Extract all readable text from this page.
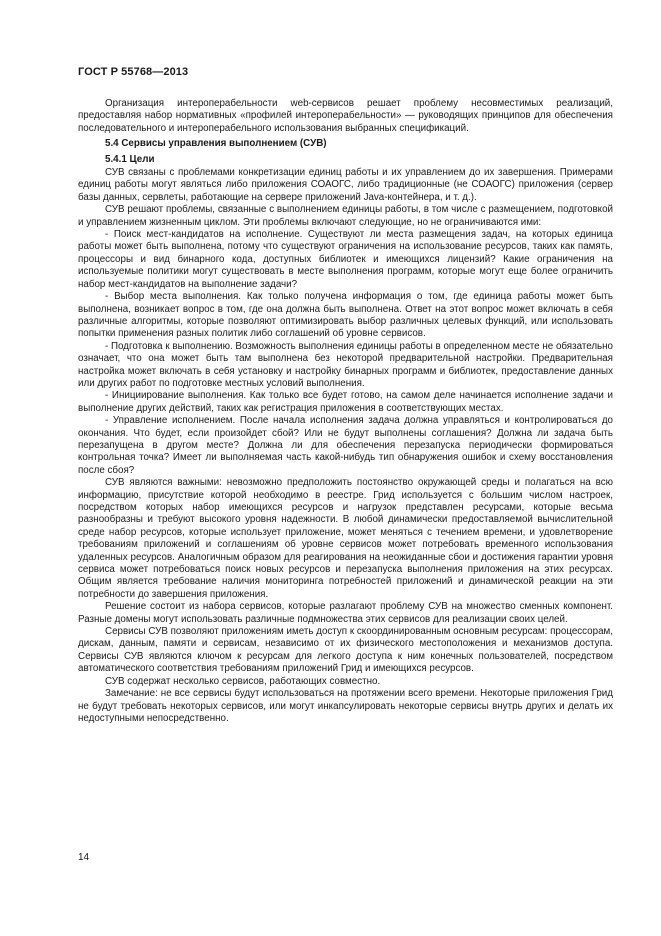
ГОСТ Р 55768—2013

Организация интероперабельности web-сервисов решает проблему несовместимых реализаций, предоставляя набор нормативных «профилей интероперабельности» — руководящих принципов для обеспечения последовательного и интероперабельного использования выбранных спецификаций.

5.4 Сервисы управления выполнением (СУВ)

5.4.1 Цели

СУВ связаны с проблемами конкретизации единиц работы и их управлением до их завершения. Примерами единиц работы могут являться либо приложения СОАОГС, либо традиционные (не СОАОГС) приложения (сервер базы данных, сервлеты, работающие на сервере приложений Java-контейнера, и т. д.).

СУВ решают проблемы, связанные с выполнением единицы работы, в том числе с размещением, подготовкой и управлением жизненным циклом. Эти проблемы включают следующие, но не ограничиваются ими:

- Поиск мест-кандидатов на исполнение. Существуют ли места размещения задач, на которых единица работы может быть выполнена, потому что существуют ограничения на использование ресурсов, таких как память, процессоры и вид бинарного кода, доступных библиотек и имеющихся лицензий? Какие ограничения на используемые политики могут существовать в месте выполнения программ, которые могут еще более ограничить набор мест-кандидатов на выполнение задачи?

- Выбор места выполнения. Как только получена информация о том, где единица работы может быть выполнена, возникает вопрос в том, где она должна быть выполнена. Ответ на этот вопрос может включать в себя различные алгоритмы, которые позволяют оптимизировать выбор различных целевых функций, или использовать попытки применения разных политик либо соглашений об уровне сервисов.

- Подготовка к выполнению. Возможность выполнения единицы работы в определенном месте не обязательно означает, что она может быть там выполнена без некоторой предварительной настройки. Предварительная настройка может включать в себя установку и настройку бинарных программ и библиотек, предоставление данных или других работ по подготовке местных условий выполнения.

- Инициирование выполнения. Как только все будет готово, на самом деле начинается исполнение задачи и выполнение других действий, таких как регистрация приложения в соответствующих местах.

- Управление исполнением. После начала исполнения задача должна управляться и контролироваться до окончания. Что будет, если произойдет сбой? Или не будут выполнены соглашения? Должна ли задача быть перезапущена в другом месте? Должна ли для обеспечения перезапуска периодически формироваться контрольная точка? Имеет ли выполняемая часть какой-нибудь тип обнаружения ошибок и схему восстановления после сбоя?

СУВ являются важными: невозможно предположить постоянство окружающей среды и полагаться на всю информацию, присутствие которой необходимо в реестре. Грид используется с большим числом настроек, посредством которых набор имеющихся ресурсов и нагрузок представлен ресурсами, которые весьма разнообразны и требуют высокого уровня надежности. В любой динамически предоставляемой вычислительной среде набор ресурсов, которые использует приложение, может меняться с течением времени, и удовлетворение требованиям приложений и соглашениям об уровне сервисов может потребовать временного использования удаленных ресурсов. Аналогичным образом для реагирования на неожиданные сбои и достижения гарантии уровня сервиса может потребоваться поиск новых ресурсов и перезапуска выполнения приложения на этих ресурсах. Общим является требование наличия мониторинга потребностей приложений и динамической реакции на эти потребности до завершения приложения.

Решение состоит из набора сервисов, которые разлагают проблему СУВ на множество сменных компонент. Разные домены могут использовать различные подмножества этих сервисов для реализации своих целей.

Сервисы СУВ позволяют приложениям иметь доступ к скоординированным основным ресурсам: процессорам, дискам, данным, памяти и сервисам, независимо от их физического местоположения и механизмов доступа. Сервисы СУВ являются ключом к ресурсам для легкого доступа к ним конечных пользователей, посредством автоматического соответствия требованиям приложений Грид и имеющихся ресурсов.

СУВ содержат несколько сервисов, работающих совместно.

Замечание: не все сервисы будут использоваться на протяжении всего времени. Некоторые приложения Грид не будут требовать некоторых сервисов, или могут инкапсулировать некоторые сервисы внутрь других и делать их недоступными непосредственно.

14
